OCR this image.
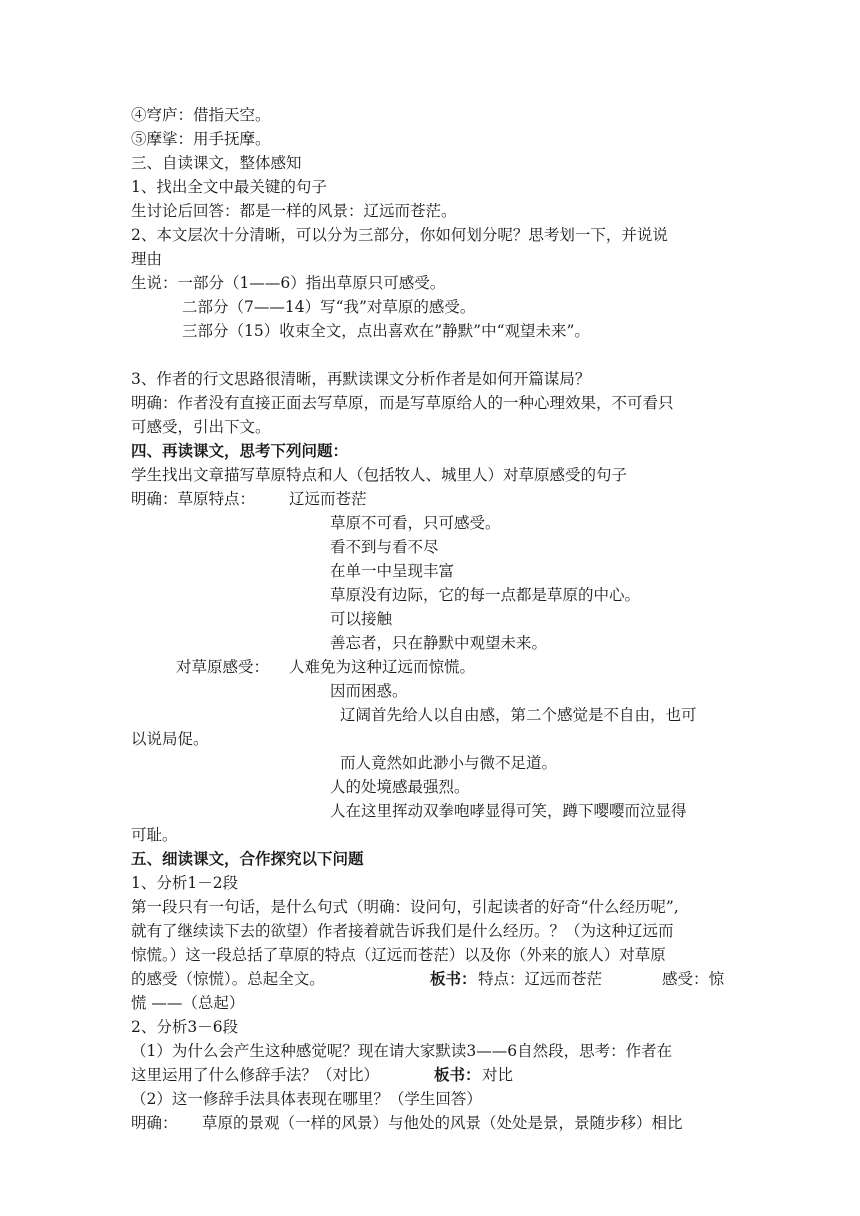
④穹庐：借指天空。
⑤摩挲：用手抚摩。
三、自读课文，整体感知
1、找出全文中最关键的句子
生讨论后回答：都是一样的风景：辽远而苍茫。
2、本文层次十分清晰，可以分为三部分，你如何划分呢？思考划一下，并说说
理由
生说：一部分（1——6）指出草原只可感受。
二部分（7——14）写“我”对草原的感受。
三部分（15）收束全文，点出喜欢在”静默”中“观望未来”。
3、作者的行文思路很清晰，再默读课文分析作者是如何开篇谋局？
明确：作者没有直接正面去写草原，而是写草原给人的一种心理效果，不可看只
可感受，引出下文。
四、再读课文，思考下列问题：
学生找出文章描写草原特点和人（包括牧人、城里人）对草原感受的句子
明确：草原特点： 辽远而苍茫
草原不可看，只可感受。
看不到与看不尽
在单一中呈现丰富
草原没有边际，它的每一点都是草原的中心。
可以接触
善忘者，只在静默中观望未来。
对草原感受： 人难免为这种辽远而惊慌。
因而困惑。
辽阔首先给人以自由感，第二个感觉是不自由，也可
以说局促。
而人竟然如此渺小与微不足道。
人的处境感最强烈。
人在这里挥动双拳咆哮显得可笑，蹲下嘤嘤而泣显得
可耻。
五、细读课文，合作探究以下问题
1、分析1－2段
第一段只有一句话，是什么句式（明确：设问句，引起读者的好奇“什么经历呢”,
就有了继续读下去的欲望）作者接着就告诉我们是什么经历。？（为这种辽远而
惊慌。）这一段总括了草原的特点（辽远而苍茫）以及你（外来的旅人）对草原
的感受（惊慌）。总起全文。	板书： 特点：辽远而苍茫	感受：惊
慌 ——（总起）
2、分析3－6段
（1）为什么会产生这种感觉呢？现在请大家默读3——6自然段，思考：作者在
这里运用了什么修辞手法？（对比）	板书： 对比
（2）这一修辞手法具体表现在哪里？（学生回答）
明确： 草原的景观（一样的风景）与他处的风景（处处是景，景随步移）相比
